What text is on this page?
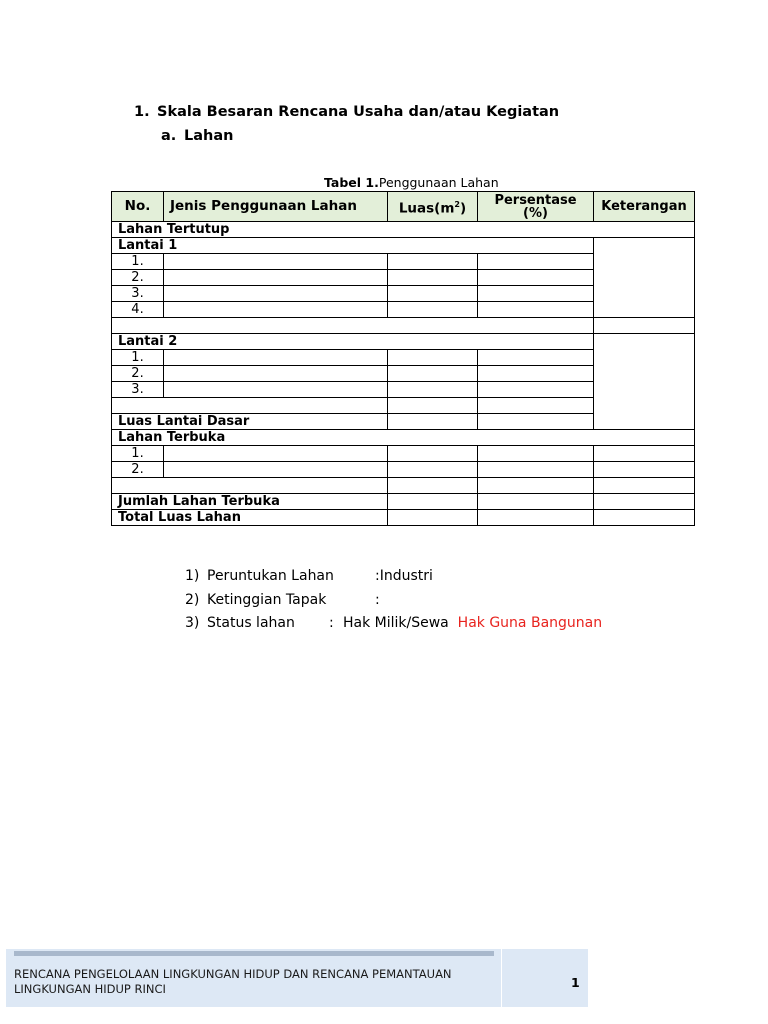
1. Skala Besaran Rencana Usaha dan/atau Kegiatan
a. Lahan
Tabel 1.Penggunaan Lahan
No.	Jenis Penggunaan Lahan	$Luas(m^2)$	Persentase (%)	Keterangan
Lahan Tertutup				
Lantai 1				
1.				
2.				
3.				
4.				

Lantai 2				
1.				
2.				
3.				

Luas Lantai Dasar				
Lahan Terbuka				
1.				
2.				

Jumlah Lahan Terbuka				
Total Luas Lahan				
1) Peruntukan Lahan	:Industri
2) Ketinggian Tapak	:
3) Status lahan : Hak Milik/Sewa Hak Guna Bangunan
RENCANA PENGELOLAAN LINGKUNGAN HIDUP DAN RENCANA PEMANTAUAN
LINGKUNGAN HIDUP RINCI	1
